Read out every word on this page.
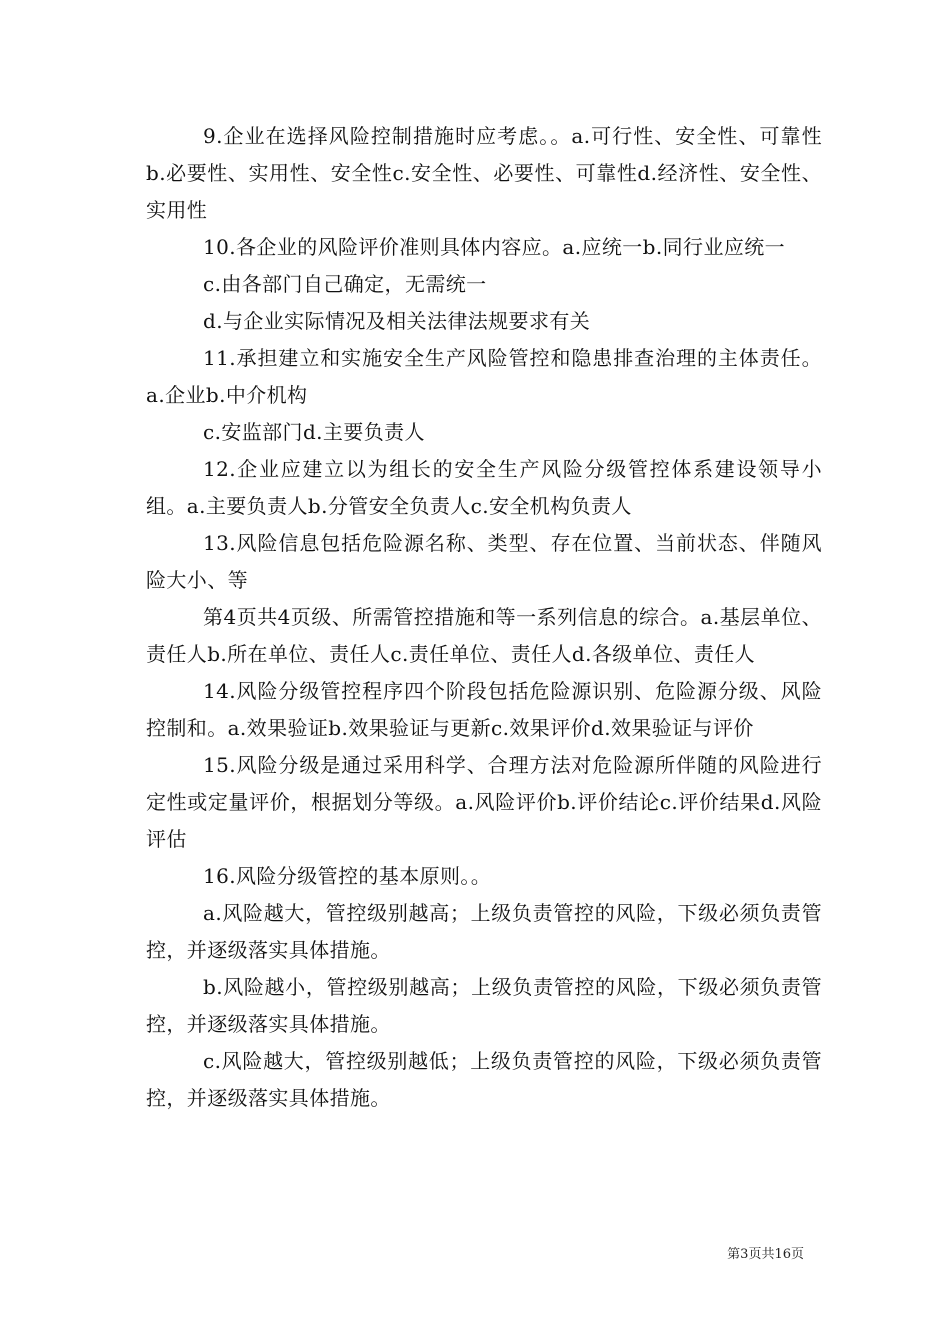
9.企业在选择风险控制措施时应考虑。。a.可行性、安全性、可靠性b.必要性、实用性、安全性c.安全性、必要性、可靠性d.经济性、安全性、实用性

10.各企业的风险评价准则具体内容应。a.应统一b.同行业应统一

c.由各部门自己确定，无需统一

d.与企业实际情况及相关法律法规要求有关

11.承担建立和实施安全生产风险管控和隐患排查治理的主体责任。a.企业b.中介机构

c.安监部门d.主要负责人

12.企业应建立以为组长的安全生产风险分级管控体系建设领导小组。a.主要负责人b.分管安全负责人c.安全机构负责人

13.风险信息包括危险源名称、类型、存在位置、当前状态、伴随风险大小、等

第4页共4页级、所需管控措施和等一系列信息的综合。a.基层单位、责任人b.所在单位、责任人c.责任单位、责任人d.各级单位、责任人

14.风险分级管控程序四个阶段包括危险源识别、危险源分级、风险控制和。a.效果验证b.效果验证与更新c.效果评价d.效果验证与评价

15.风险分级是通过采用科学、合理方法对危险源所伴随的风险进行定性或定量评价，根据划分等级。a.风险评价b.评价结论c.评价结果d.风险评估

16.风险分级管控的基本原则。。

a.风险越大，管控级别越高；上级负责管控的风险，下级必须负责管控，并逐级落实具体措施。

b.风险越小，管控级别越高；上级负责管控的风险，下级必须负责管控，并逐级落实具体措施。

c.风险越大，管控级别越低；上级负责管控的风险，下级必须负责管控，并逐级落实具体措施。

第3页共16页
